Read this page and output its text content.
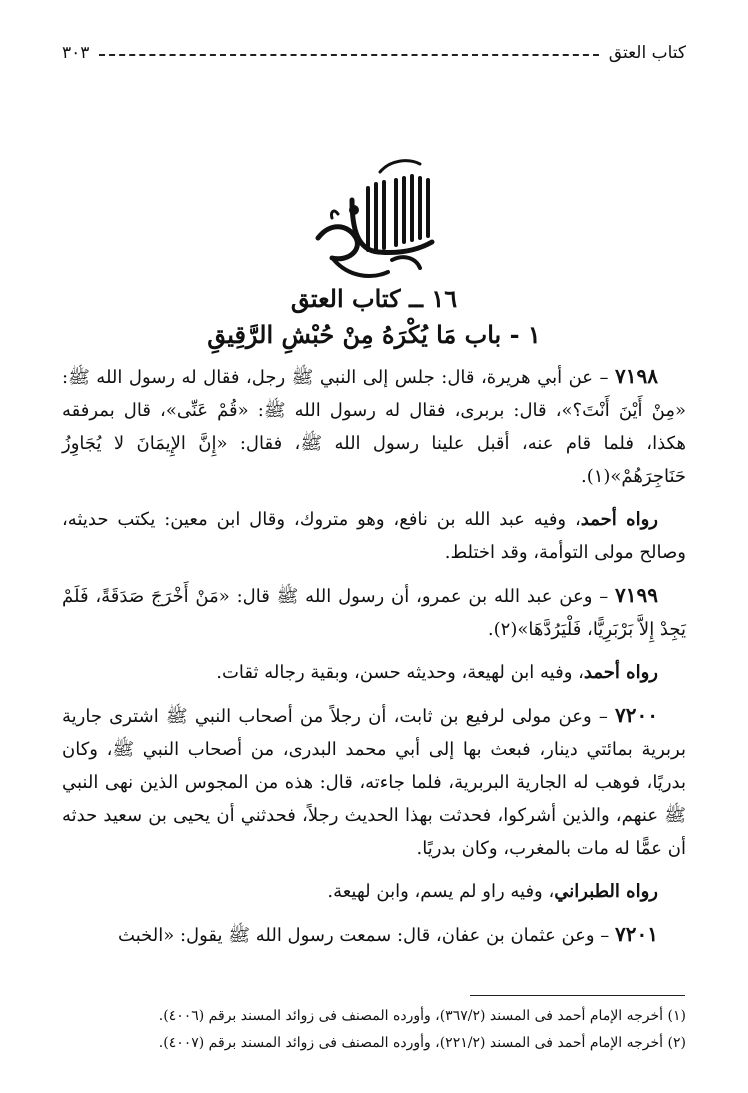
كتاب العتق
٣٠٣
١٦ ــ كتاب العتق
١ - باب مَا يُكْرَهُ مِنْ حُبْشِ الرَّقِيقِ

٧١٩٨ – عن أبي هريرة، قال: جلس إلى النبي ﷺ رجل، فقال له رسول الله ﷺ: «مِنْ أَيْنَ أَنْتَ؟»، قال: بربرى، فقال له رسول الله ﷺ: «قُمْ عَنِّى»، قال بمرفقه هكذا، فلما قام عنه، أقبل علينا رسول الله ﷺ، فقال: «إِنَّ الإِيمَانَ لا يُجَاوِزُ حَنَاجِرَهُمْ»(١).

رواه أحمد، وفيه عبد الله بن نافع، وهو متروك، وقال ابن معين: يكتب حديثه، وصالح مولى التوأمة، وقد اختلط.

٧١٩٩ – وعن عبد الله بن عمرو، أن رسول الله ﷺ قال: «مَنْ أَخْرَجَ صَدَقَةً، فَلَمْ يَجِدْ إِلاَّ بَرْبَرِيًّا، فَلْيَرُدَّهَا»(٢).

رواه أحمد، وفيه ابن لهيعة، وحديثه حسن، وبقية رجاله ثقات.

٧٢٠٠ – وعن مولى لرفيع بن ثابت، أن رجلاً من أصحاب النبي ﷺ اشترى جارية بربرية بمائتي دينار، فبعث بها إلى أبي محمد البدرى، من أصحاب النبي ﷺ، وكان بدريًا، فوهب له الجارية البربرية، فلما جاءته، قال: هذه من المجوس الذين نهى النبي ﷺ عنهم، والذين أشركوا، فحدثت بهذا الحديث رجلاً، فحدثني أن يحيى بن سعيد حدثه أن عمًّا له مات بالمغرب، وكان بدريًا.

رواه الطبراني، وفيه راو لم يسم، وابن لهيعة.

٧٢٠١ – وعن عثمان بن عفان، قال: سمعت رسول الله ﷺ يقول: «الخبث

(١) أخرجه الإمام أحمد فى المسند (٣٦٧/٢)، وأورده المصنف فى زوائد المسند برقم (٤٠٠٦).
(٢) أخرجه الإمام أحمد فى المسند (٢٢١/٢)، وأورده المصنف فى زوائد المسند برقم (٤٠٠٧).
